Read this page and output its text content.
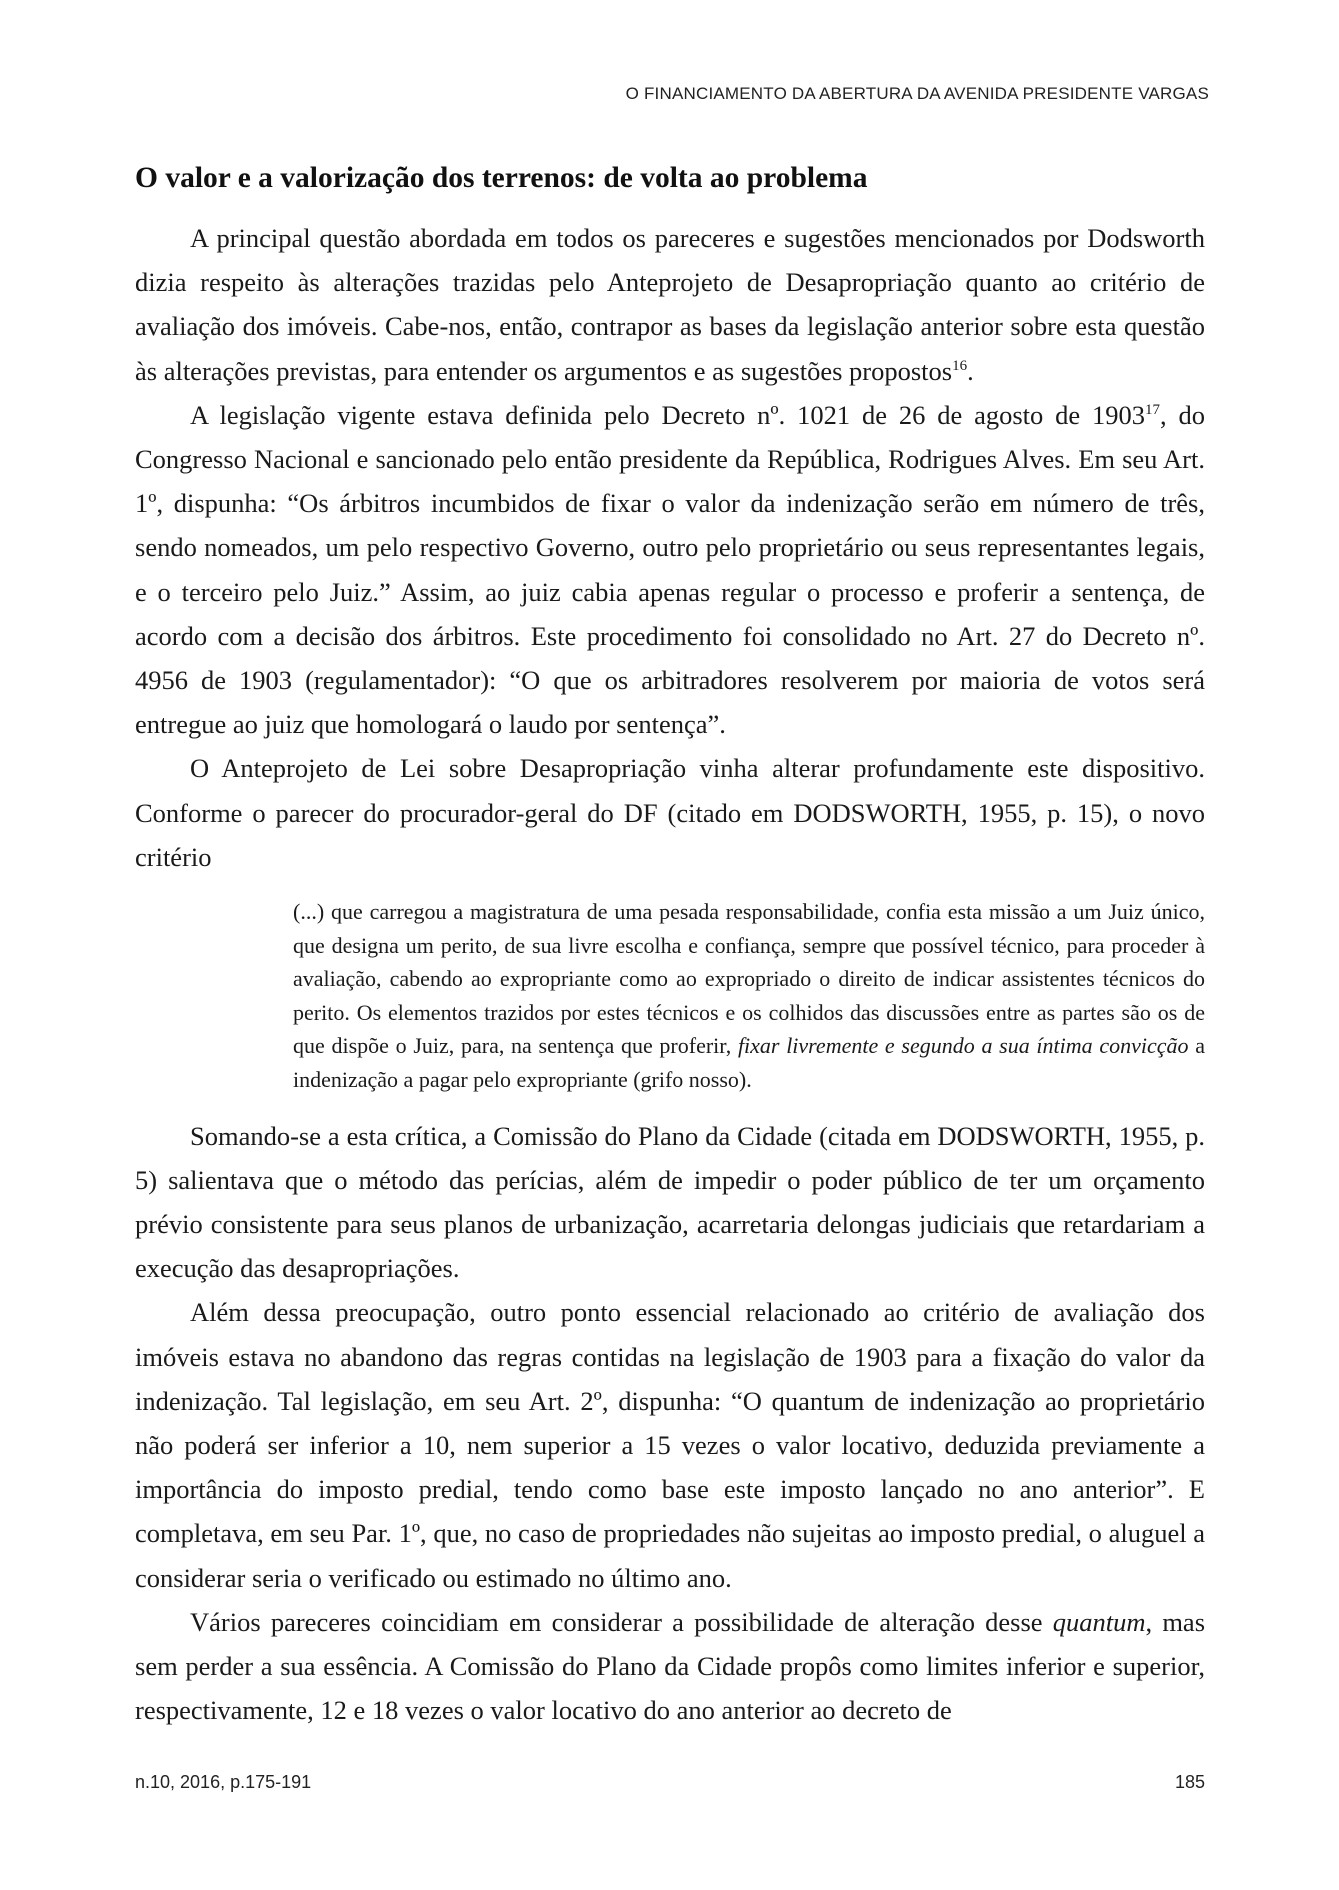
O FINANCIAMENTO DA ABERTURA DA AVENIDA PRESIDENTE VARGAS
O valor e a valorização dos terrenos: de volta ao problema

A principal questão abordada em todos os pareceres e sugestões mencionados por Dodsworth dizia respeito às alterações trazidas pelo Anteprojeto de Desapropriação quanto ao critério de avaliação dos imóveis. Cabe-nos, então, contrapor as bases da legislação anterior sobre esta questão às alterações previstas, para entender os argumentos e as sugestões propostos$^{16}$.

A legislação vigente estava definida pelo Decreto nº. 1021 de 26 de agosto de 1903$^{17}$, do Congresso Nacional e sancionado pelo então presidente da República, Rodrigues Alves. Em seu Art. 1º, dispunha: “Os árbitros incumbidos de fixar o valor da indenização serão em número de três, sendo nomeados, um pelo respectivo Governo, outro pelo proprietário ou seus representantes legais, e o terceiro pelo Juiz.” Assim, ao juiz cabia apenas regular o processo e proferir a sentença, de acordo com a decisão dos árbitros. Este procedimento foi consolidado no Art. 27 do Decreto nº. 4956 de 1903 (regulamentador): “O que os arbitradores resolverem por maioria de votos será entregue ao juiz que homologará o laudo por sentença”.

O Anteprojeto de Lei sobre Desapropriação vinha alterar profundamente este dispositivo. Conforme o parecer do procurador-geral do DF (citado em DODSWORTH, 1955, p. 15), o novo critério

(...) que carregou a magistratura de uma pesada responsabilidade, confia esta missão a um Juiz único, que designa um perito, de sua livre escolha e confiança, sempre que possível técnico, para proceder à avaliação, cabendo ao expropriante como ao expropriado o direito de indicar assistentes técnicos do perito. Os elementos trazidos por estes técnicos e os colhidos das discussões entre as partes são os de que dispõe o Juiz, para, na sentença que proferir, fixar livremente e segundo a sua íntima convicção a indenização a pagar pelo expropriante (grifo nosso).

Somando-se a esta crítica, a Comissão do Plano da Cidade (citada em DODSWORTH, 1955, p. 5) salientava que o método das perícias, além de impedir o poder público de ter um orçamento prévio consistente para seus planos de urbanização, acarretaria delongas judiciais que retardariam a execução das desapropriações.

Além dessa preocupação, outro ponto essencial relacionado ao critério de avaliação dos imóveis estava no abandono das regras contidas na legislação de 1903 para a fixação do valor da indenização. Tal legislação, em seu Art. 2º, dispunha: “O quantum de indenização ao proprietário não poderá ser inferior a 10, nem superior a 15 vezes o valor locativo, deduzida previamente a importância do imposto predial, tendo como base este imposto lançado no ano anterior”. E completava, em seu Par. 1º, que, no caso de propriedades não sujeitas ao imposto predial, o aluguel a considerar seria o verificado ou estimado no último ano.

Vários pareceres coincidiam em considerar a possibilidade de alteração desse quantum, mas sem perder a sua essência. A Comissão do Plano da Cidade propôs como limites inferior e superior, respectivamente, 12 e 18 vezes o valor locativo do ano anterior ao decreto de

n.10, 2016, p.175-191	185
